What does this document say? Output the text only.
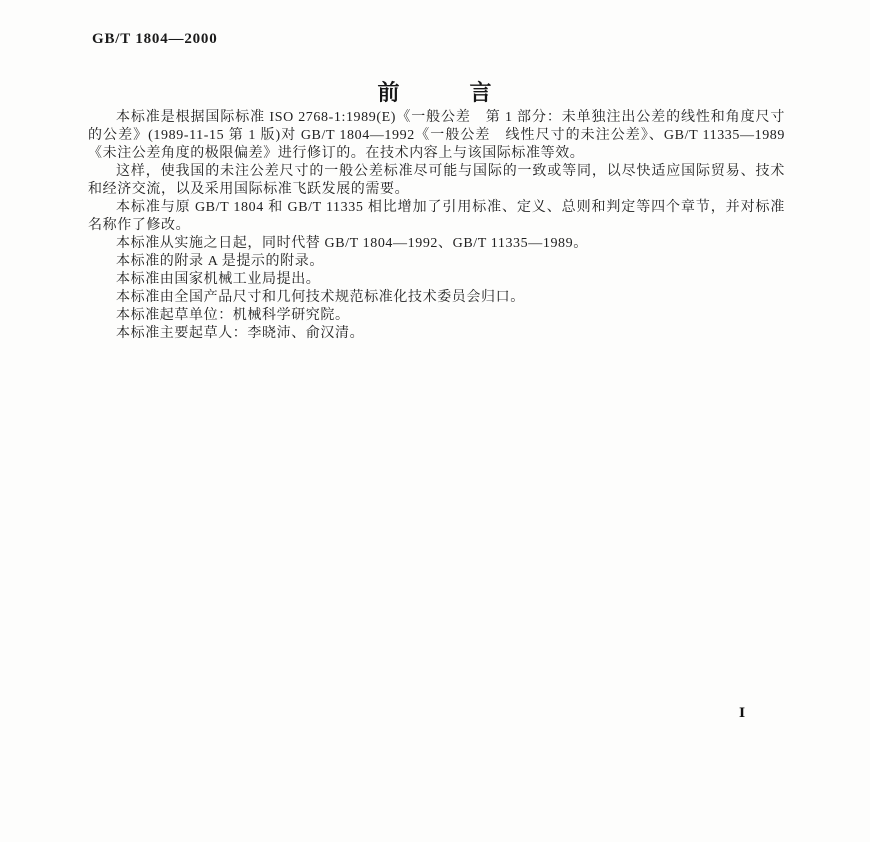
GB/T 1804—2000
前　　　言

本标准是根据国际标准 ISO 2768-1:1989(E)《一般公差　第 1 部分：未单独注出公差的线性和角度尺寸的公差》(1989-11-15 第 1 版)对 GB/T 1804—1992《一般公差　线性尺寸的未注公差》、GB/T 11335—1989《未注公差角度的极限偏差》进行修订的。在技术内容上与该国际标准等效。

这样，使我国的未注公差尺寸的一般公差标准尽可能与国际的一致或等同，以尽快适应国际贸易、技术和经济交流，以及采用国际标准飞跃发展的需要。

本标准与原 GB/T 1804 和 GB/T 11335 相比增加了引用标准、定义、总则和判定等四个章节，并对标准名称作了修改。

本标准从实施之日起，同时代替 GB/T 1804—1992、GB/T 11335—1989。

本标准的附录 A 是提示的附录。

本标准由国家机械工业局提出。

本标准由全国产品尺寸和几何技术规范标准化技术委员会归口。

本标准起草单位：机械科学研究院。

本标准主要起草人：李晓沛、俞汉清。

Ⅰ
